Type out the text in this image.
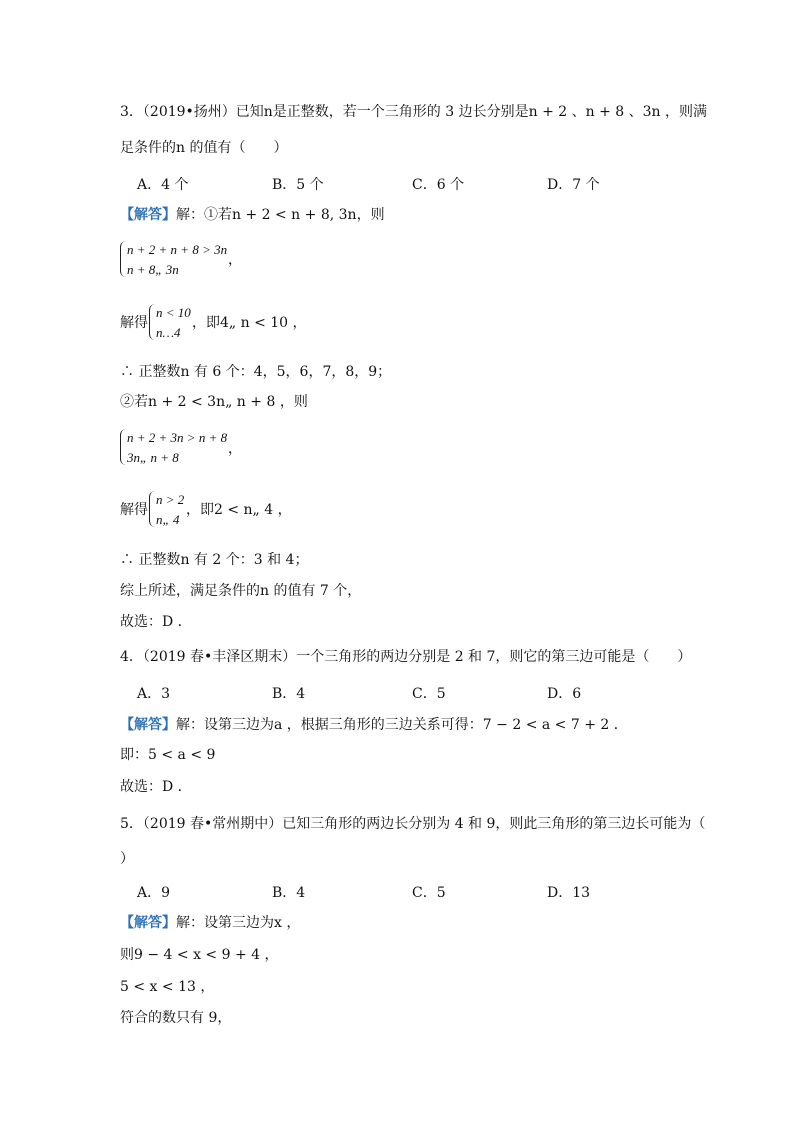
3．（2019•扬州）已知n是正整数，若一个三角形的 3 边长分别是n + 2 、n + 8 、3n ，则满
足条件的n 的值有（　　）
A．4 个	B．5 个	C．6 个	D．7 个
【解答】解：①若n + 2 < n + 8, 3n，则
n + 2 + n + 8 > 3n
n + 8„ 3n
，
解得
n < 10
n…4
，即4„ n < 10 ，
∴ 正整数n 有 6 个：4，5，6，7，8，9；
②若n + 2 < 3n„ n + 8 ，则
n + 2 + 3n > n + 8
3n„ n + 8
，
解得
n > 2
n„ 4
，即2 < n„ 4 ，
∴ 正整数n 有 2 个：3 和 4；
综上所述，满足条件的n 的值有 7 个，
故选：D ．
4．（2019 春•丰泽区期末）一个三角形的两边分别是 2 和 7，则它的第三边可能是（　　）
A．3	B．4	C．5	D．6
【解答】解：设第三边为a ，根据三角形的三边关系可得：7 − 2 < a < 7 + 2 ．
即：5 < a < 9
故选：D ．
5．（2019 春•常州期中）已知三角形的两边长分别为 4 和 9，则此三角形的第三边长可能为（
）
A．9	B．4	C．5	D．13
【解答】解：设第三边为x ，
则9 − 4 < x < 9 + 4 ，
5 < x < 13 ，
符合的数只有 9，
